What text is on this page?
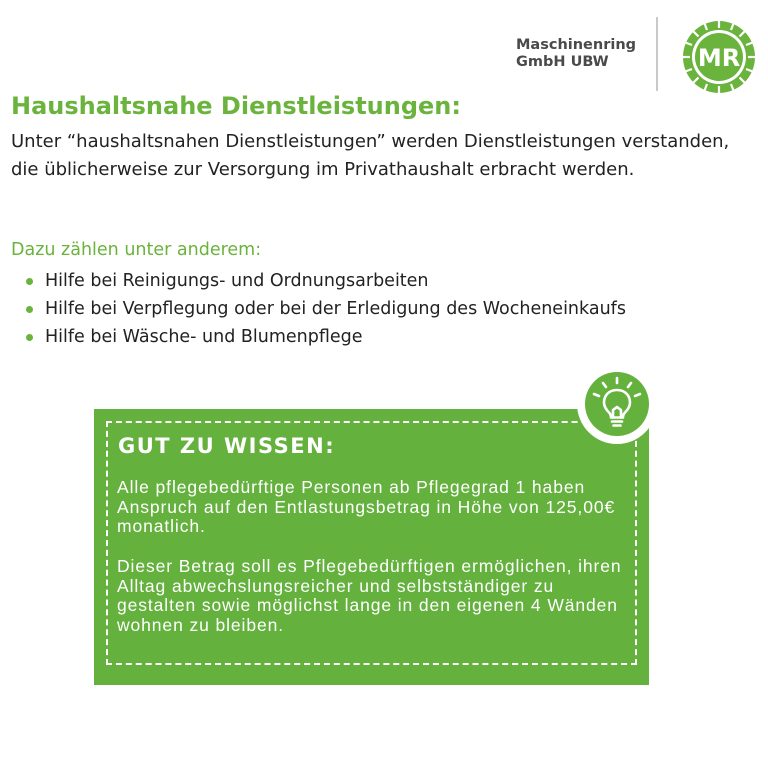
Maschinenring
GmbH UBW	MR
Haushaltsnahe Dienstleistungen:

Unter “haushaltsnahen Dienstleistungen” werden Dienstleistungen verstanden, die üblicherweise zur Versorgung im Privathaushalt erbracht werden.

Dazu zählen unter anderem:

Hilfe bei Reinigungs- und Ordnungsarbeiten
Hilfe bei Verpflegung oder bei der Erledigung des Wocheneinkaufs
Hilfe bei Wäsche- und Blumenpflege
GUT ZU WISSEN:

Alle pflegebedürftige Personen ab Pflegegrad 1 haben Anspruch auf den Entlastungsbetrag in Höhe von 125,00€ monatlich.

Dieser Betrag soll es Pflegebedürftigen ermöglichen, ihren Alltag abwechslungsreicher und selbstständiger zu gestalten sowie möglichst lange in den eigenen 4 Wänden wohnen zu bleiben.
